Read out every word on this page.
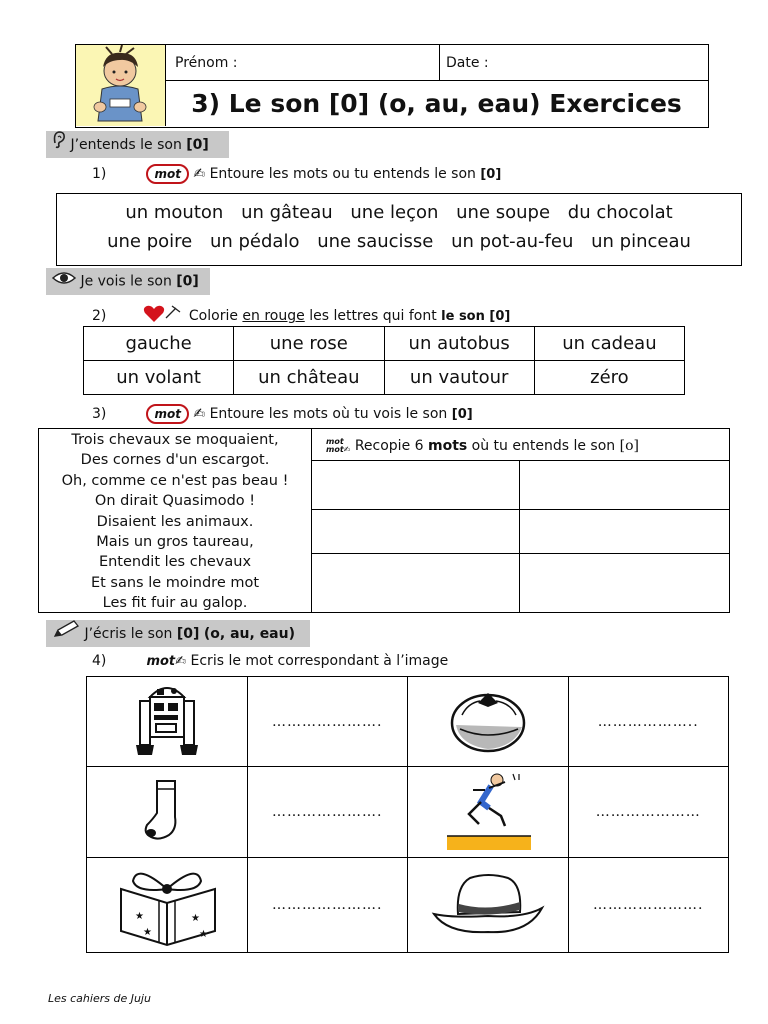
Prénom :	Date :
3) Le son [0] (o, au, eau) Exercices
J’entends le son [0]
1)	mot ✍ Entoure les mots ou tu entends le son [0]
un mouton un gâteau une leçon une soupe du chocolat
une poire un pédalo une saucisse un pot-au-feu un pinceau
Je vois le son [0]
2)	Colorie en rouge les lettres qui font le son [0]
gauche	une rose	un autobus	un cadeau
un volant	un château	un vautour	zéro
3)	mot ✍ Entoure les mots où tu vois le son [0]
Trois chevaux se moquaient,
Des cornes d'un escargot.
Oh, comme ce n'est pas beau !
On dirait Quasimodo !
Disaient les animaux.
Mais un gros taureau,
Entendit les chevaux
Et sans le moindre mot
Les fit fuir au galop.
mot
mot✍ Recopie 6 mots où tu entends le son [o]
J’écris le son [0] (o, au, eau)
4)	mot✍ Ecris le mot correspondant à l’image
	………………….		………………..
	………………….		…………………

★ ★
★ ★	………………….		………………….
Les cahiers de Juju
